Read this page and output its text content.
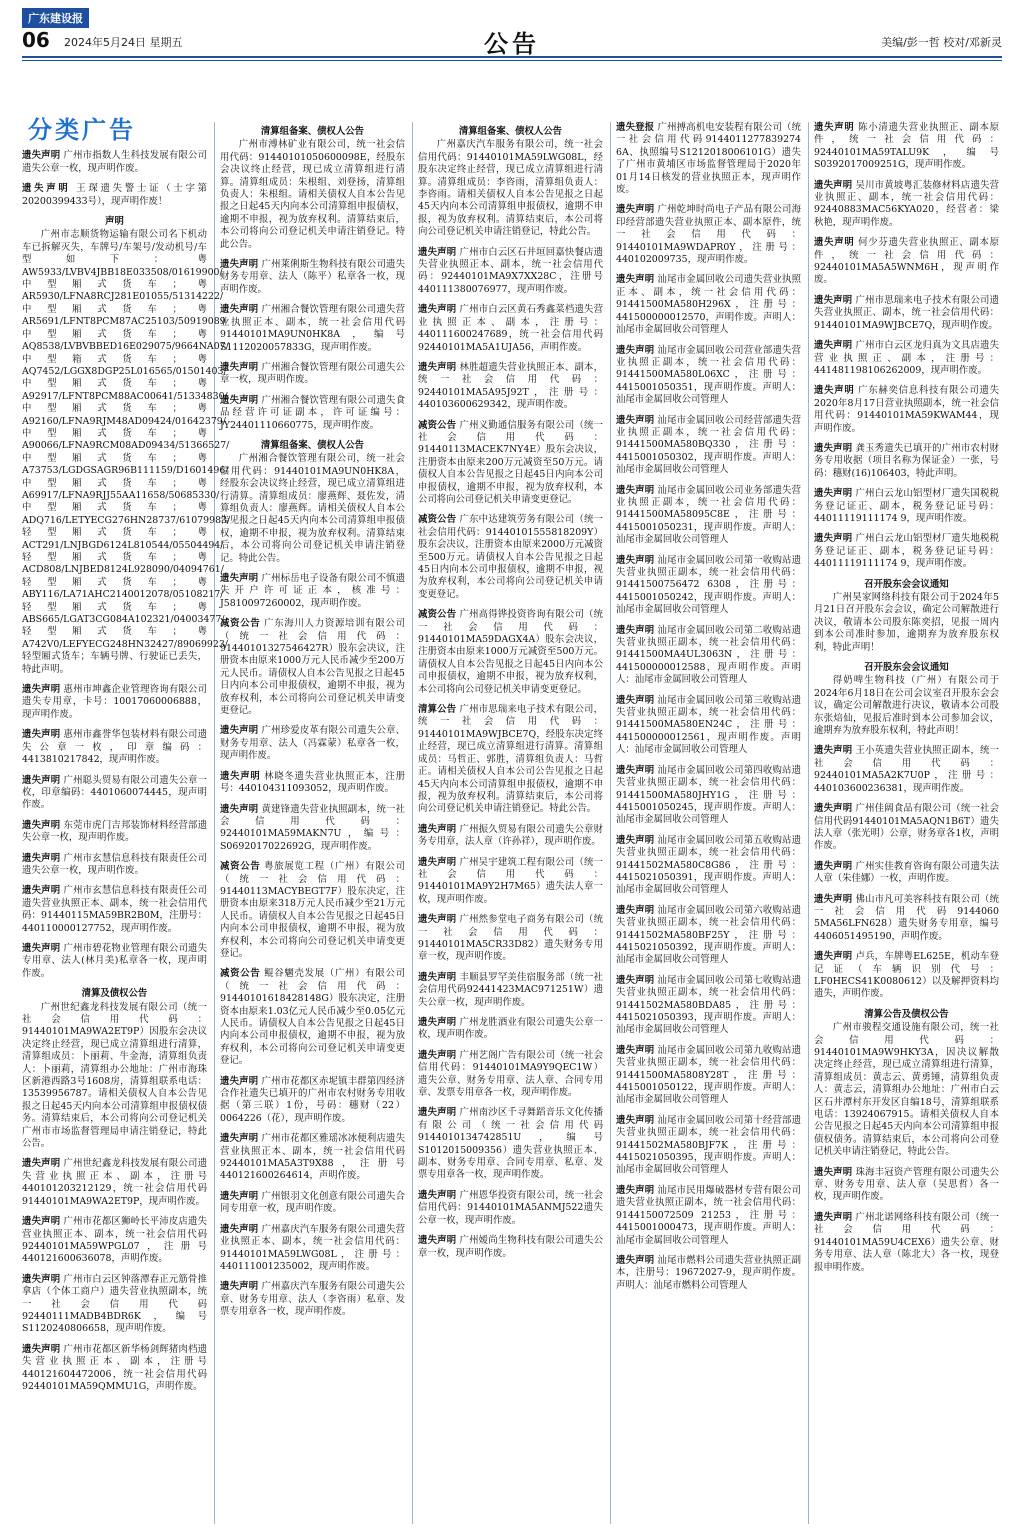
广东建设报
06 2024年5月24日 星期五	公告	美编/彭一哲 校对/邓新灵
分类广告
遗失声明 广州市指数人生科技发展有限公司遗失公章一枚，现声明作废。
遗失声明 王琛遗失警士证（士字第20200399433号），现声明作废！
声明
广州市志顺货物运输有限公司名下机动车已拆解灭失，车牌号/车架号/发动机号/车型如下：粤AW5933/LVBV4JBB18E033508/01619900/中型厢式货车；粤AR5930/LFNA8RCJ281E01055/51314222/中型厢式货车；粤AR5691/LFNT8PCM87AC25103/50919089中型厢式货车；粤AQ8538/LVBVBBED16E029075/9664NA07/中型箱式货车；粤AQ7452/LGGX8DGP25L016565/01501403/中型厢式货车；粤A92917/LFNT8PCM88AC00641/51334830/中型厢式货车；粤A92160/LFNA9RJM48AD09424/01642379/中型厢式货车；粤A90066/LFNA9RCM08AD09434/51366527/中型厢式货车；粤A73753/LGDGSAGR96B111159/D1601496/中型厢式货车；粤A69917/LFNA9RJJ55AA11658/50685330/中型厢式货车；粤ADQ716/LETYECG276HN28737/61079983/轻型厢式货车；粤ACT291/LNJBGD6124L810544/05504494/轻型厢式货车；粤ACD808/LNJBED8124L928090/04094761/轻型厢式货车；粤ABY116/LA71AHC2140012078/05108217/轻型厢式货车；粤ABS665/LGAT3CG084A102321/04003477/轻型厢式货车；粤A742V0/LEFYECG248HN32427/89069923/轻型厢式货车；车辆号牌、行驶证已丢失，特此声明。
遗失声明 惠州市坤鑫企业管理咨询有限公司遗失专用章，卡号：10017060006888，现声明作废。
遗失声明 惠州市鑫誉华包装材料有限公司遗失公章一枚，印章编码：4413810217842，现声明作废。
遗失声明 广州聪头贸易有限公司遗失公章一枚，印章编码：4401060074445，现声明作废。
遗失声明 东莞市虎门吉邦装饰材料经营部遗失公章一枚，现声明作废。
遗失声明 广州市玄慧信息科技有限责任公司遗失公章一枚，现声明作废。
遗失声明 广州市玄慧信息科技有限责任公司遗失营业执照正本、副本，统一社会信用代码：91440115MA59BR2B0M，注册号：440110000127752，现声明作废。
遗失声明 广州市碧花物业管理有限公司遗失专用章、法人(林月美)私章各一枚，现声明作废。
清算及债权公告
广州世纪鑫龙科技发展有限公司（统一社会信用代码：91440101MA9WA2ET9P）因股东会决议决定终止经营，现已成立清算组进行清算，清算组成员：卜丽莉、牛金海，清算组负责人：卜丽莉，清算组办公地址：广州市海珠区新港西路3号1608房，清算组联系电话：13539956787。请相关债权人自本公告见报之日起45天内向本公司清算组申报债权债务。清算结束后，本公司将向公司登记机关广州市市场监督管理局申请注销登记，特此公告。
遗失声明 广州世纪鑫龙科技发展有限公司遗失营业执照正本、副本，注册号440101203212129，统一社会信用代码91440101MA9WA2ET9P，现声明作废。
遗失声明 广州市花都区狮岭长平沛皮店遗失营业执照正本、副本，统一社会信用代码92440101MA59WPGL07，注册号440121600636078，声明作废。
遗失声明 广州市白云区钟落潭春正元筋骨推拿店（个体工商户）遗失营业执照副本，统一社会信用代码92440111MADB4BDR6K，编号S1120240806658，现声明作废。
遗失声明 广州市花都区新华杨剑辉猪肉档遗失营业执照正本、副本，注册号440121604472006，统一社会信用代码92440101MA59QMMU1G，声明作废。
清算组备案、债权人公告
广州市溥林矿业有限公司，统一社会信用代码：91440101050600098E，经股东会决议终止经营，现已成立清算组进行清算。清算组成员：朱根组、刘登扬，清算组负责人：朱根组。请相关债权人自本公告见报之日起45天内向本公司清算组申报债权，逾期不申报，视为放弃权利。清算结束后，本公司将向公司登记机关申请注销登记。特此公告。
遗失声明 广州莱俐斯生物科技有限公司遗失财务专用章、法人（陈平）私章各一枚，现声明作废。
遗失声明 广州湘合餐饮管理有限公司遗失营业执照正本、副本，统一社会信用代码91440101MA9UN0HK8A，编号S1112020057833G，现声明作废。
遗失声明 广州湘合餐饮管理有限公司遗失公章一枚，现声明作废。
遗失声明 广州湘合餐饮管理有限公司遗失食品经营许可证副本，许可证编号：JY24401110660775，现声明作废。
清算组备案、债权人公告
广州湘合餐饮管理有限公司，统一社会信用代码：91440101MA9UN0HK8A，经股东会决议终止经营，现已成立清算组进行清算。清算组成员：廖燕辉、聂佐发，清算组负责人：廖燕辉。请相关债权人自本公告见报之日起45天内向本公司清算组申报债权，逾期不申报，视为放弃权利。清算结束后，本公司将向公司登记机关申请注销登记。特此公告。
遗失声明 广州标岳电子设备有限公司不慎遗失开户许可证正本，核准号：J5810097260002，现声明作废。
减资公告 广东海川人力资源培训有限公司（统一社会信用代码：91440101327546427R）股东会决议，注册资本由原来1000万元人民币减少至200万元人民币。请债权人自本公告见报之日起45日内向本公司申报债权，逾期不申报，视为放弃权利，本公司将向公司登记机关申请变更登记。
遗失声明 广州珍爱皮革有限公司遗失公章、财务专用章、法人（冯霖蒙）私章各一枚，现声明作废。
遗失声明 林晓冬遗失营业执照正本，注册号：440104311093052，现声明作废。
遗失声明 黄建锋遗失营业执照副本，统一社会信用代码：92440101MA59MAKN7U，编号：S0692017022692G，现声明作废。
减资公告 粤旅展览工程（广州）有限公司（统一社会信用代码：91440113MACYBEGT7F）股东决定，注册资本由原来318万元人民币减少至21万元人民币。请债权人自本公告见报之日起45日内向本公司申报债权，逾期不申报，视为放弃权利，本公司将向公司登记机关申请变更登记。
减资公告 鲲谷魍壳发展（广州）有限公司（统一社会信用代码：91440101618428148G）股东决定，注册资本由原来1.03亿元人民币减少至0.05亿元人民币。请债权人自本公告见报之日起45日内向本公司申报债权，逾期不申报，视为放弃权利，本公司将向公司登记机关申请变更登记。
遗失声明 广州市花都区赤坭镇丰群第四经济合作社遗失已填开的广州市农村财务专用收据（第三联）1份，号码：穗财（22）0064226（花），现声明作废。
遗失声明 广州市花都区雅瑶冰冰便利店遗失营业执照正本、副本，统一社会信用代码92440101MA5A3T9X88，注册号440121600264614，声明作废。
遗失声明 广州银羽文化创意有限公司遗失合同专用章一枚，现声明作废。
遗失声明 广州嘉庆汽车服务有限公司遗失营业执照正本、副本，统一社会信用代码：91440101MA59LWG08L，注册号：440111001235002，现声明作废。
遗失声明 广州嘉庆汽车服务有限公司遗失公章、财务专用章、法人（李咨雨）私章、发票专用章各一枚，现声明作废。
清算组备案、债权人公告
广州嘉庆汽车服务有限公司，统一社会信用代码：91440101MA59LWG08L，经股东决定终止经营，现已成立清算组进行清算。清算组成员：李咨雨，清算组负责人：李咨雨。请相关债权人自本公告见报之日起45天内向本公司清算组申报债权，逾期不申报，视为放弃权利。清算结束后，本公司将向公司登记机关申请注销登记，特此公告。
遗失声明 广州市白云区石井垣回嘉快餐店遗失营业执照正本、副本，统一社会信用代码：92440101MA9X7XX28C，注册号440111380076977，现声明作废。
遗失声明 广州市白云区黄石秀鑫菜档遗失营业执照正本、副本，注册号：440111600247689，统一社会信用代码92440101MA5A1UJA56，声明作废。
遗失声明 林胜超遗失营业执照正本、副本，统一社会信用代码：92440101MA5A95J92T，注册号：440103600629342，现声明作废。
减资公告 广州义勤通信服务有限公司（统一社会信用代码：91440113MACEK7NY4E）股东会决议，注册资本由原来200万元减资至50万元。请债权人自本公告见报之日起45日内向本公司申报债权，逾期不申报，视为放弃权利，本公司将向公司登记机关申请变更登记。
减资公告 广东中达建筑劳务有限公司（统一社会信用代码：91440101555818209Y）股东会决议，注册资本由原来2000万元减资至500万元。请债权人自本公告见报之日起45日内向本公司申报债权，逾期不申报，视为放弃权利，本公司将向公司登记机关申请变更登记。
减资公告 广州高得铧投资咨询有限公司（统一社会信用代码：91440101MA59DAGX4A）股东会决议，注册资本由原来1000万元减资至500万元。请债权人自本公告见报之日起45日内向本公司申报债权，逾期不申报，视为放弃权利，本公司将向公司登记机关申请变更登记。
清算公告 广州市思瑞来电子技术有限公司，统一社会信用代码：91440101MA9WJBCE7Q，经股东决定终止经营，现已成立清算组进行清算。清算组成员：马哲正、郭胜，清算组负责人：马哲正。请相关债权人自本公司公告见报之日起45天内向本公司清算组申报债权，逾期不申报，视为放弃权利。清算结束后，本公司将向公司登记机关申请注销登记。特此公告。
遗失声明 广州振久贸易有限公司遗失公章财务专用章，法人章（许孙祥），现声明作废。
遗失声明 广州吴宇建筑工程有限公司（统一社会信用代码：91440101MA9Y2H7M65）遗失法人章一枚，现声明作废。
遗失声明 广州然参堂电子商务有限公司（统一社会信用代码：91440101MA5CR33D82）遗失财务专用章一枚，现声明作废。
遗失声明 丰顺县罗罕美佳宿服务部（统一社会信用代码92441423MAC971251W）遗失公章一枚，现声明作废。
遗失声明 广州龙胜酒业有限公司遗失公章一枚，现声明作废。
遗失声明 广州艺阁广告有限公司（统一社会信用代码：91440101MA9Y9QEC1W）遗失公章、财务专用章、法人章、合同专用章、发票专用章各一枚，现声明作废。
遗失声明 广州南沙区千寻舞蹈音乐文化传播有限公司（统一社会信用代码9144010134742851U，编号S1012015009356）遗失营业执照正本、副本、财务专用章、合同专用章、私章、发票专用章各一枚，现声明作废。
遗失声明 广州恩华投资有限公司，统一社会信用代码：91440101MA5ANMJ522遗失公章一枚，现声明作废。
遗失声明 广州嫒尚生物科技有限公司遗失公章一枚，现声明作废。
遗失登报 广州搏高机电安装程有限公司（统一社会信用代码9144011277839274 6A、执照编号S1212018006101G）遗失了广州市黄埔区市场监督管理局于2020年01月14日核发的营业执照正本，现声明作废。
遗失声明 广州乾坤时尚电子产品有限公司海印经营部遗失营业执照正本、副本原件，统一社会信用代码：91440101MA9WDAPR0Y，注册号：440102009735，现声明作废。
遗失声明 汕尾市金属回收公司遗失营业执照正本、副本，统一社会信用代码：91441500MA580H296X，注册号：441500000012570，声明作废。声明人：汕尾市金属回收公司管理人
遗失声明 汕尾市金属回收公司营业部遗失营业执照正副本，统一社会信用代码：91441500MA580L06XC，注册号：4415001050351，现声明作废。声明人：汕尾市金属回收公司管理人
遗失声明 汕尾市金属回收公司经营部遗失营业执照正副本，统一社会信用代码：91441500MA580BQ330，注册号：4415001050302，现声明作废。声明人：汕尾市金属回收公司管理人
遗失声明 汕尾市金属回收公司业务部遗失营业执照正副本，统一社会信用代码：91441500MA58095C8E，注册号：4415001050231，现声明作废。声明人：汕尾市金属回收公司管理人
遗失声明 汕尾市金属回收公司第一收购站遗失营业执照正副本，统一社会信用代码：91441500756472 6308，注册号：4415001050242，现声明作废。声明人：汕尾市金属回收公司管理人
遗失声明 汕尾市金属回收公司第二收购站遗失营业执照正副本，统一社会信用代码：91441500MA4UL3063N，注册号：441500000012588，现声明作废。声明人：汕尾市金属回收公司管理人
遗失声明 汕尾市金属回收公司第三收购站遗失营业执照正副本，统一社会信用代码：91441500MA580EN24C，注册号：441500000012561，现声明作废。声明人：汕尾市金属回收公司管理人
遗失声明 汕尾市金属回收公司第四收购站遗失营业执照正副本，统一社会信用代码：91441500MA580JHY1G，注册号：4415001050245，现声明作废。声明人：汕尾市金属回收公司管理人
遗失声明 汕尾市金属回收公司第五收购站遗失营业执照正副本，统一社会信用代码：91441502MA580C8G86，注册号：4415021050391，现声明作废。声明人：汕尾市金属回收公司管理人
遗失声明 汕尾市金属回收公司第六收购站遗失营业执照正副本，统一社会信用代码：91441502MA580BF25Y，注册号：4415021050392，现声明作废。声明人：汕尾市金属回收公司管理人
遗失声明 汕尾市金属回收公司第七收购站遗失营业执照正副本，统一社会信用代码：91441502MA580BDA85，注册号：4415021050393，现声明作废。声明人：汕尾市金属回收公司管理人
遗失声明 汕尾市金属回收公司第九收购站遗失营业执照正副本，统一社会信用代码：91441500MA5808Y28T，注册号：4415001050122，现声明作废。声明人：汕尾市金属回收公司管理人
遗失声明 汕尾市金属回收公司第十经营部遗失营业执照正副本，统一社会信用代码：91441502MA580BJF7K，注册号：4415021050395，现声明作废。声明人：汕尾市金属回收公司管理人
遗失声明 汕尾市民用爆破器材专营有限公司遗失营业执照正副本，统一社会信用代码：9144150072509 21253，注册号：4415001000473，现声明作废。声明人：汕尾市金属回收公司管理人
遗失声明 汕尾市燃料公司遗失营业执照正副本，注册号：19672027-9，现声明作废。声明人：汕尾市燃料公司管理人
遗失声明 陈小清遗失营业执照正、副本原件，统一社会信用代码：92440101MA59TALU9K，编号S0392017009251G，现声明作废。
遗失声明 吴川市黄坡粤汇装修材料店遗失营业执照正、副本，统一社会信用代码：92440883MAC56KYA020，经营者：梁秋艳，现声明作废。
遗失声明 何少芬遗失营业执照正、副本原件，统一社会信用代码：92440101MA5A5WNM6H，现声明作废。
遗失声明 广州市思瑞来电子技术有限公司遗失营业执照正、副本，统一社会信用代码：91440101MA9WJBCE7Q，现声明作废。
遗失声明 广州市白云区龙归真为文具店遗失营业执照正、副本，注册号：441481198106262009，现声明作废。
遗失声明 广东赫奕信息科技有限公司遗失2020年8月17日营业执照副本，统一社会信用代码：91440101MA59KWAM44，现声明作废。
遗失声明 龚玉秀遗失已填开的广州市农村财务专用收据（项目名称为保证金）一张，号码：穗财(16)106403，特此声明。
遗失声明 广州白云龙山铝型材厂遗失国税税务登记证正、副本，税务登记证号码：44011119111174 9，现声明作废。
遗失声明 广州白云龙山铝型材厂遗失地税税务登记证正、副本，税务登记证号码：44011119111174 9，现声明作废。
召开股东会会议通知
广州昊家网络科技有限公司于2024年5月21日召开股东会会议，确定公司解散进行决议，敬请本公司股东陈奕招，见报一周内到本公司准时参加，逾期弃为放弃股东权利，特此声明！
召开股东会会议通知
得奶啤生物科技（广州）有限公司于2024年6月18日在公司会议室召开股东会会议，确定公司解散进行决议，敬请本公司股东张焙仙，见报后准时到本公司参加会议，逾期弃为放弃股东权利，特此声明！
遗失声明 王小英遗失营业执照正副本，统一社会信用代码：92440101MA5A2K7U0P，注册号：440103600236381，现声明作废。
遗失声明 广州佳阔食品有限公司（统一社会信用代码91440101MA5AQN1B6T）遗失法人章（张光明）公章，财务章各1枚，声明作废。
遗失声明 广州实佳教育咨询有限公司遗失法人章（朱佳娜）一枚，声明作废。
遗失声明 佛山市凡可美容科技有限公司（统一社会信用代码9144060 5MA56LFN628）遗失财务专用章，编号4406051495190，声明作废。
遗失声明 卢兵，车牌粤EL625E，机动车登记证（车辆识别代号：LF0HECS41K0080612）以及解押资料均遗失，声明作废。
清算公告及债权公告
广州市骏程交通设施有限公司，统一社会信用代码：91440101MA9W9HKY3A，因决议解散决定终止经营，现已成立清算组进行清算，清算组成员：黄志云、黄勇锤，清算组负责人：黄志云，清算组办公地址：广州市白云区石井潭村东开发区自编18号，清算组联系电话：13924067915。请相关债权人自本公告见报之日起45天内向本公司清算组申报债权债务。清算结束后，本公司将向公司登记机关申请注销登记，特此公告。
遗失声明 珠海丰冠资产管理有限公司遗失公章、财务专用章、法人章（吴思哲）各一枚，现声明作废。
遗失声明 广州北诺网络科技有限公司（统一社会信用代码：91440101MA59U4CEX6）遗失公章、财务专用章、法人章（陈北大）各一枚，现登报申明作废。
